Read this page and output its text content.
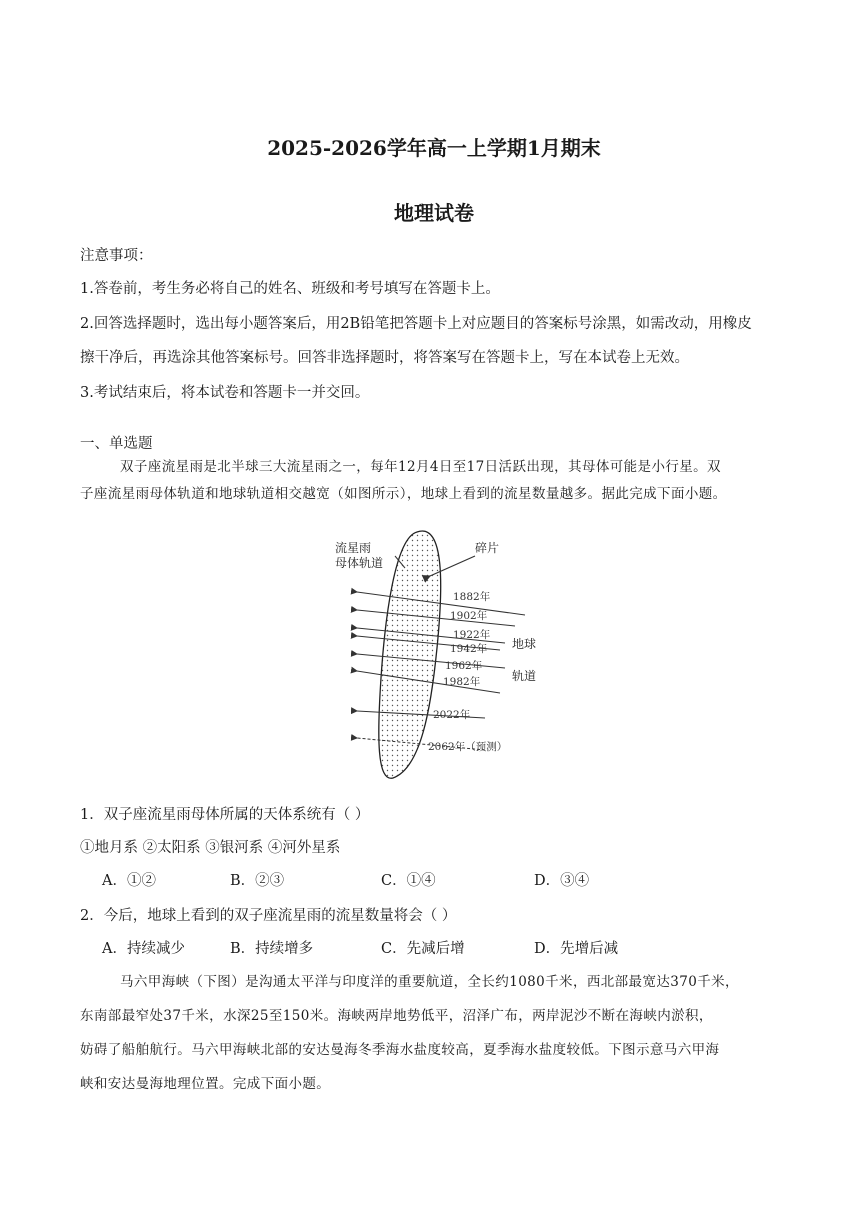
2025-2026学年高一上学期1月期末
地理试卷
注意事项：
1.答卷前，考生务必将自己的姓名、班级和考号填写在答题卡上。
2.回答选择题时，选出每小题答案后，用2B铅笔把答题卡上对应题目的答案标号涂黑，如需改动，用橡皮
擦干净后，再选涂其他答案标号。回答非选择题时，将答案写在答题卡上，写在本试卷上无效。
3.考试结束后，将本试卷和答题卡一并交回。
一、单选题
双子座流星雨是北半球三大流星雨之一，每年12月4日至17日活跃出现，其母体可能是小行星。双
子座流星雨母体轨道和地球轨道相交越宽（如图所示），地球上看到的流星数量越多。据此完成下面小题。
流星雨
母体轨道
碎片
地球
轨道
1882年
1902年
1922年
1942年
1962年
1982年
2022年
2062年（预测）
1．双子座流星雨母体所属的天体系统有（ ）
①地月系 ②太阳系 ③银河系 ④河外星系
A．①②	B．②③	C．①④	D．③④
2．今后，地球上看到的双子座流星雨的流星数量将会（ ）
A．持续减少	B．持续增多	C．先减后增	D．先增后减
马六甲海峡（下图）是沟通太平洋与印度洋的重要航道，全长约1080千米，西北部最宽达370千米，
东南部最窄处37千米，水深25至150米。海峡两岸地势低平，沼泽广布，两岸泥沙不断在海峡内淤积，
妨碍了船舶航行。马六甲海峡北部的安达曼海冬季海水盐度较高，夏季海水盐度较低。下图示意马六甲海
峡和安达曼海地理位置。完成下面小题。
